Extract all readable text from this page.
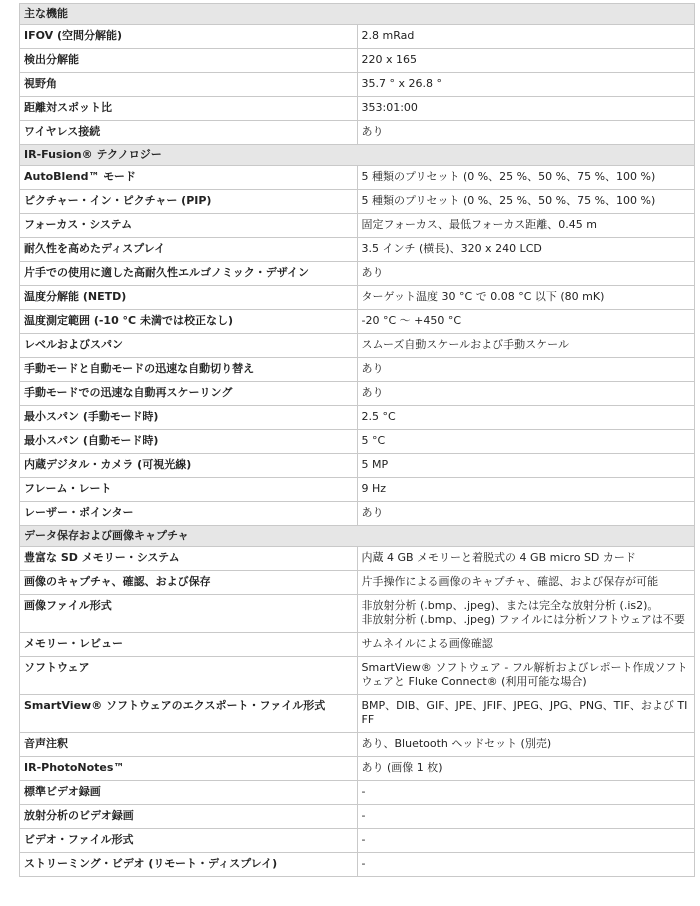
主な機能	
IFOV (空間分解能)	2.8 mRad
検出分解能	220 x 165
視野角	35.7 ° x 26.8 °
距離対スポット比	353:01:00
ワイヤレス接続	あり
IR-Fusion® テクノロジー	
AutoBlend™ モード	5 種類のプリセット (0 %、25 %、50 %、75 %、100 %)
ピクチャー・イン・ピクチャー (PIP)	5 種類のプリセット (0 %、25 %、50 %、75 %、100 %)
フォーカス・システム	固定フォーカス、最低フォーカス距離、0.45 m
耐久性を高めたディスプレイ	3.5 インチ (横長)、320 x 240 LCD
片手での使用に適した高耐久性エルゴノミック・デザイン	あり
温度分解能 (NETD)	ターゲット温度 30 °C で 0.08 °C 以下 (80 mK)
温度測定範囲 (-10 °C 未満では校正なし)	-20 °C ～ +450 °C
レベルおよびスパン	スムーズ自動スケールおよび手動スケール
手動モードと自動モードの迅速な自動切り替え	あり
手動モードでの迅速な自動再スケーリング	あり
最小スパン (手動モード時)	2.5 °C
最小スパン (自動モード時)	5 °C
内蔵デジタル・カメラ (可視光線)	5 MP
フレーム・レート	9 Hz
レーザー・ポインター	あり
データ保存および画像キャプチャ	
豊富な SD メモリー・システム	内蔵 4 GB メモリーと着脱式の 4 GB micro SD カード
画像のキャプチャ、確認、および保存	片手操作による画像のキャプチャ、確認、および保存が可能
画像ファイル形式	非放射分析 (.bmp、.jpeg)、または完全な放射分析 (.is2)。
非放射分析 (.bmp、.jpeg) ファイルには分析ソフトウェアは不要
メモリー・レビュー	サムネイルによる画像確認
ソフトウェア	SmartView® ソフトウェア - フル解析およびレポート作成ソフトウェアと Fluke Connect® (利用可能な場合)
SmartView® ソフトウェアのエクスポート・ファイル形式	BMP、DIB、GIF、JPE、JFIF、JPEG、JPG、PNG、TIF、および TIFF
音声注釈	あり、Bluetooth ヘッドセット (別売)
IR-PhotoNotes™	あり (画像 1 枚)
標準ビデオ録画	-
放射分析のビデオ録画	-
ビデオ・ファイル形式	-
ストリーミング・ビデオ (リモート・ディスプレイ)	-
